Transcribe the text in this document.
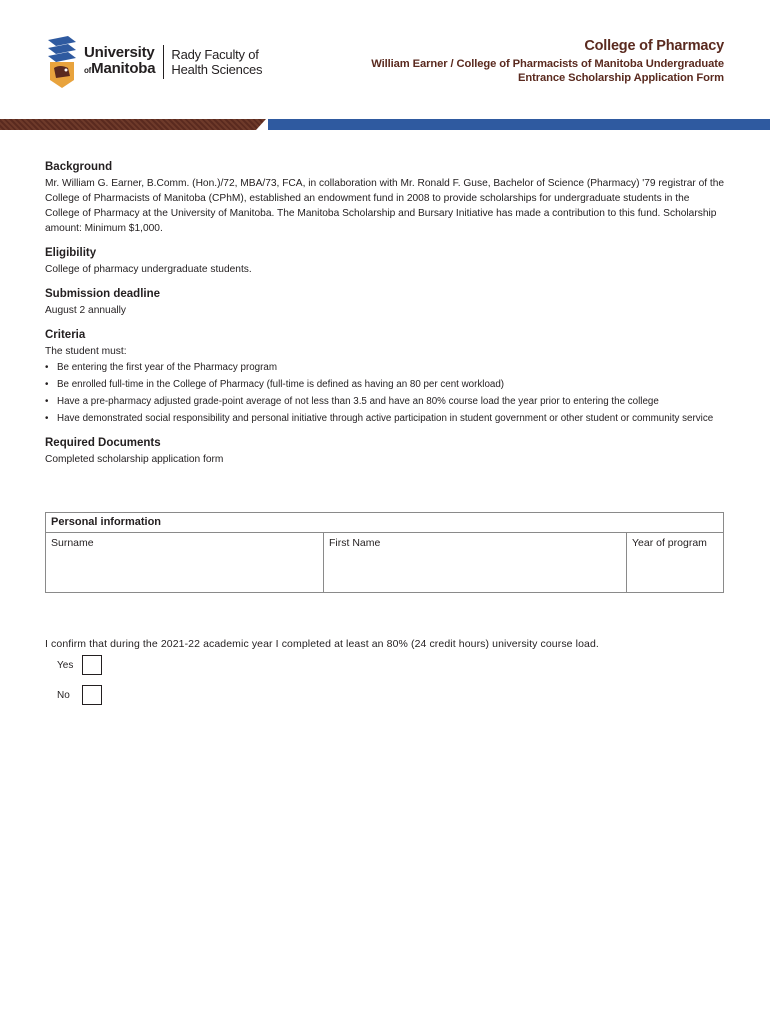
University
ofManitoba
Rady Faculty of
Health Sciences
College of Pharmacy
William Earner / College of Pharmacists of Manitoba Undergraduate
Entrance Scholarship Application Form

Background

Mr. William G. Earner, B.Comm. (Hon.)/72, MBA/73, FCA, in collaboration with Mr. Ronald F. Guse, Bachelor of Science (Pharmacy) '79 registrar of the College of Pharmacists of Manitoba (CPhM), established an endowment fund in 2008 to provide scholarships for undergraduate students in the College of Pharmacy at the University of Manitoba. The Manitoba Scholarship and Bursary Initiative has made a contribution to this fund. Scholarship amount: Minimum $1,000.

Eligibility

College of pharmacy undergraduate students.

Submission deadline

August 2 annually

Criteria

The student must:

• Be entering the first year of the Pharmacy program
• Be enrolled full-time in the College of Pharmacy (full-time is defined as having an 80 per cent workload)
• Have a pre-pharmacy adjusted grade-point average of not less than 3.5 and have an 80% course load the year prior to entering the college
• Have demonstrated social responsibility and personal initiative through active participation in student government or other student or community service

Required Documents

Completed scholarship application form

Personal information
Surname	First Name	Year of program
I confirm that during the 2021-22 academic year I completed at least an 80% (24 credit hours) university course load.
Yes
No
